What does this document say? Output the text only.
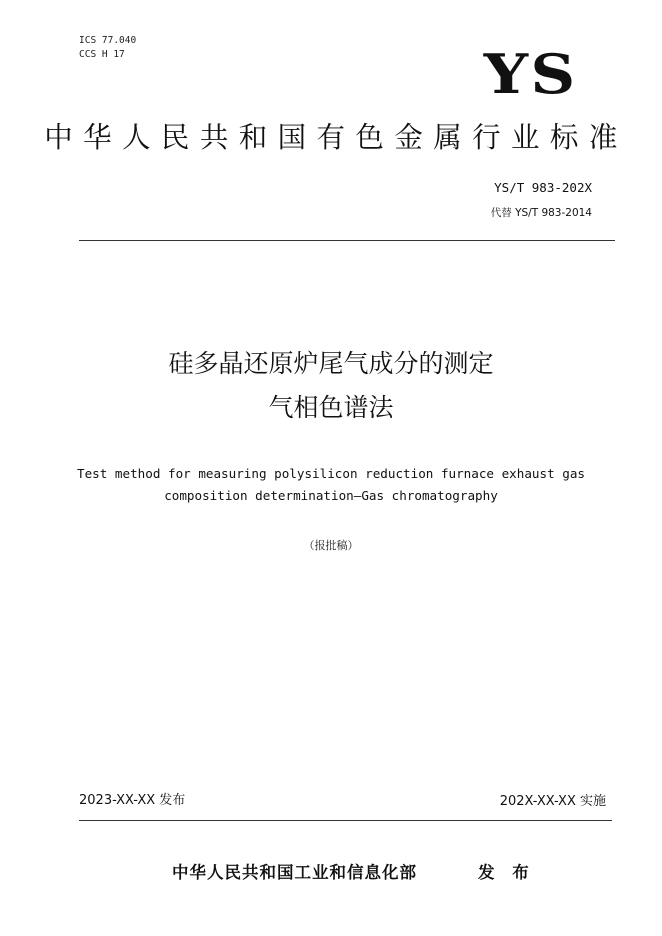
ICS 77.040
CCS H 17	YS
中华人民共和国有色金属行业标准
YS/T 983-202X
代替 YS/T 983-2014
硅多晶还原炉尾气成分的测定
气相色谱法
Test method for measuring polysilicon reduction furnace exhaust gas
composition determination—Gas chromatography
（报批稿）
2023-XX-XX 发布	202X-XX-XX 实施
中华人民共和国工业和信息化部	发 布
